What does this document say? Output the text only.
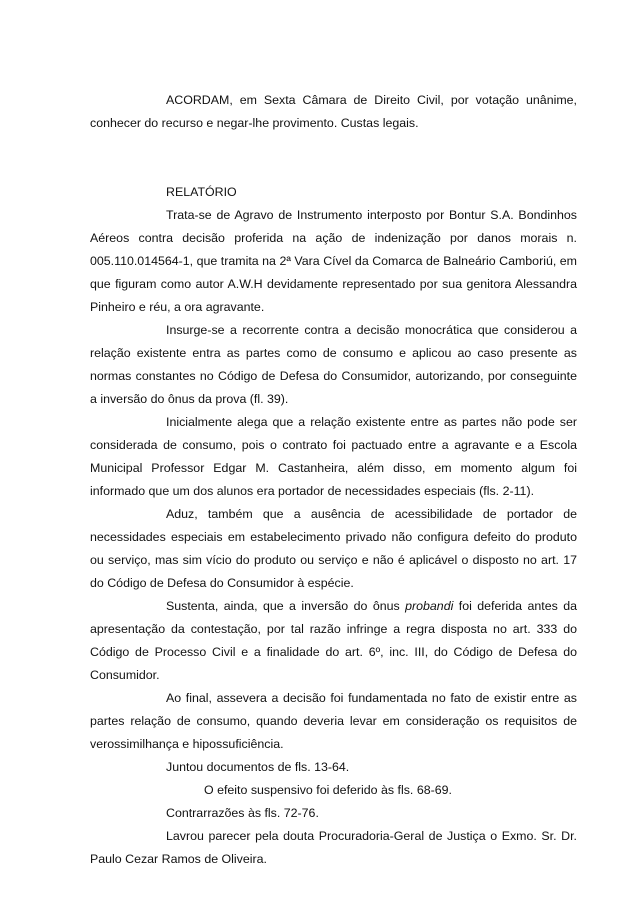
ACORDAM, em Sexta Câmara de Direito Civil, por votação unânime, conhecer do recurso e negar-lhe provimento. Custas legais.

RELATÓRIO

Trata-se de Agravo de Instrumento interposto por Bontur S.A. Bondinhos Aéreos contra decisão proferida na ação de indenização por danos morais n. 005.110.014564-1, que tramita na 2ª Vara Cível da Comarca de Balneário Camboriú, em que figuram como autor A.W.H devidamente representado por sua genitora Alessandra Pinheiro e réu, a ora agravante.

Insurge-se a recorrente contra a decisão monocrática que considerou a relação existente entra as partes como de consumo e aplicou ao caso presente as normas constantes no Código de Defesa do Consumidor, autorizando, por conseguinte a inversão do ônus da prova (fl. 39).

Inicialmente alega que a relação existente entre as partes não pode ser considerada de consumo, pois o contrato foi pactuado entre a agravante e a Escola Municipal Professor Edgar M. Castanheira, além disso, em momento algum foi informado que um dos alunos era portador de necessidades especiais (fls. 2-11).

Aduz, também que a ausência de acessibilidade de portador de necessidades especiais em estabelecimento privado não configura defeito do produto ou serviço, mas sim vício do produto ou serviço e não é aplicável o disposto no art. 17 do Código de Defesa do Consumidor à espécie.

Sustenta, ainda, que a inversão do ônus probandi foi deferida antes da apresentação da contestação, por tal razão infringe a regra disposta no art. 333 do Código de Processo Civil e a finalidade do art. 6º, inc. III, do Código de Defesa do Consumidor.

Ao final, assevera a decisão foi fundamentada no fato de existir entre as partes relação de consumo, quando deveria levar em consideração os requisitos de verossimilhança e hipossuficiência.

Juntou documentos de fls. 13-64.

O efeito suspensivo foi deferido às fls. 68-69.

Contrarrazões às fls. 72-76.

Lavrou parecer pela douta Procuradoria-Geral de Justiça o Exmo. Sr. Dr. Paulo Cezar Ramos de Oliveira.
